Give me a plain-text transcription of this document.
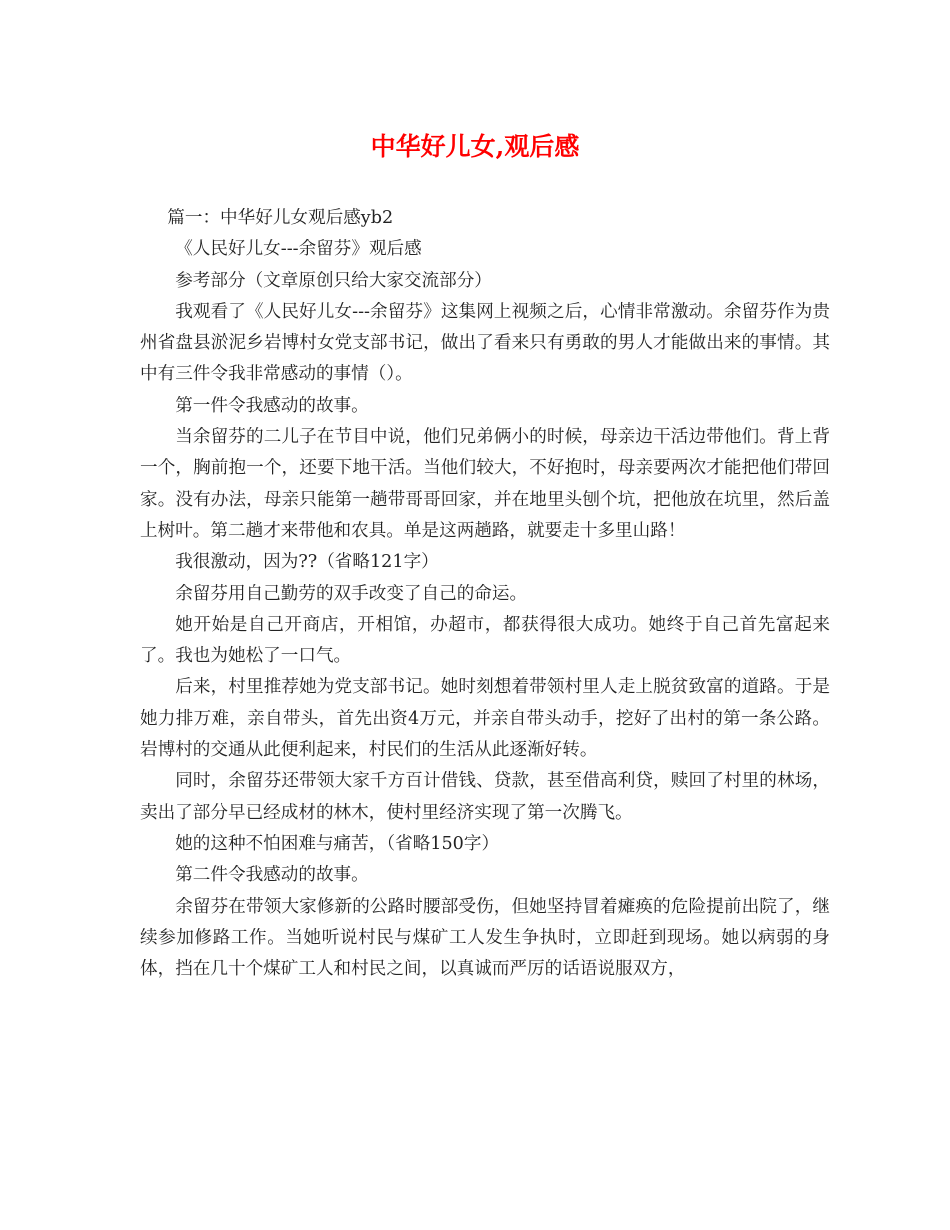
中华好儿女,观后感

篇一：中华好儿女观后感yb2

《人民好儿女---余留芬》观后感

参考部分（文章原创只给大家交流部分）

我观看了《人民好儿女---余留芬》这集网上视频之后，心情非常激动。余留芬作为贵州省盘县淤泥乡岩博村女党支部书记，做出了看来只有勇敢的男人才能做出来的事情。其中有三件令我非常感动的事情（）。

第一件令我感动的故事。

当余留芬的二儿子在节目中说，他们兄弟俩小的时候，母亲边干活边带他们。背上背一个，胸前抱一个，还要下地干活。当他们较大，不好抱时，母亲要两次才能把他们带回家。没有办法，母亲只能第一趟带哥哥回家，并在地里头刨个坑，把他放在坑里，然后盖上树叶。第二趟才来带他和农具。单是这两趟路，就要走十多里山路！

我很激动，因为??（省略121字）

余留芬用自己勤劳的双手改变了自己的命运。

她开始是自己开商店，开相馆，办超市，都获得很大成功。她终于自己首先富起来了。我也为她松了一口气。

后来，村里推荐她为党支部书记。她时刻想着带领村里人走上脱贫致富的道路。于是她力排万难，亲自带头，首先出资4万元，并亲自带头动手，挖好了出村的第一条公路。岩博村的交通从此便利起来，村民们的生活从此逐渐好转。

同时，余留芬还带领大家千方百计借钱、贷款，甚至借高利贷，赎回了村里的林场，卖出了部分早已经成材的林木，使村里经济实现了第一次腾飞。

她的这种不怕困难与痛苦，（省略150字）

第二件令我感动的故事。

余留芬在带领大家修新的公路时腰部受伤，但她坚持冒着瘫痪的危险提前出院了，继续参加修路工作。当她听说村民与煤矿工人发生争执时，立即赶到现场。她以病弱的身体，挡在几十个煤矿工人和村民之间，以真诚而严厉的话语说服双方，
